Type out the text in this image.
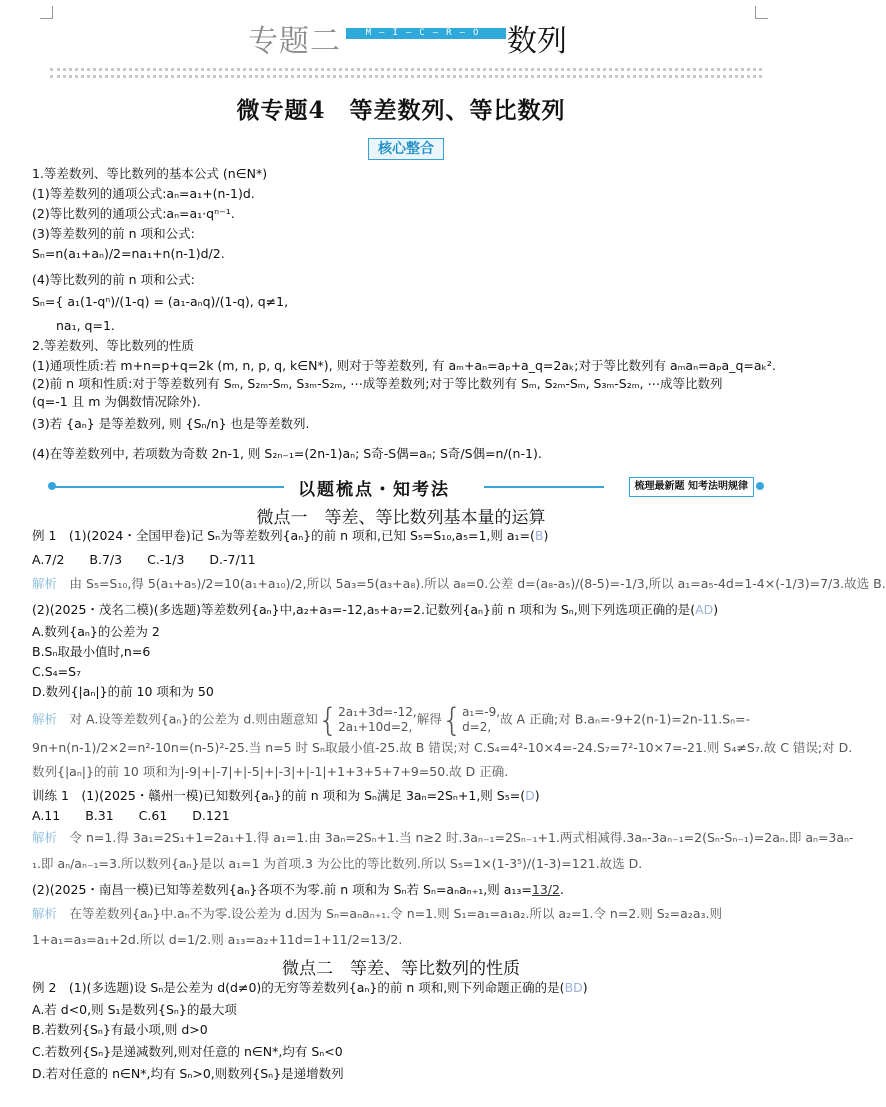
专题二	M—I—C—R—O 数列
微专题4　等差数列、等比数列
核心整合
1.等差数列、等比数列的基本公式 (n∈N*)
(1)等差数列的通项公式:aₙ=a₁+(n-1)d.
(2)等比数列的通项公式:aₙ=a₁·qⁿ⁻¹.
(3)等差数列的前 n 项和公式:
Sₙ=n(a₁+aₙ)/2=na₁+n(n-1)d/2.
(4)等比数列的前 n 项和公式:
Sₙ={ a₁(1-qⁿ)/(1-q) = (a₁-aₙq)/(1-q), q≠1,
na₁, q=1.
2.等差数列、等比数列的性质
(1)通项性质:若 m+n=p+q=2k (m, n, p, q, k∈N*), 则对于等差数列, 有 aₘ+aₙ=aₚ+a_q=2aₖ;对于等比数列有 aₘaₙ=aₚa_q=aₖ².
(2)前 n 项和性质:对于等差数列有 Sₘ, S₂ₘ-Sₘ, S₃ₘ-S₂ₘ, ⋯成等差数列;对于等比数列有 Sₘ, S₂ₘ-Sₘ, S₃ₘ-S₂ₘ, ⋯成等比数列
(q=-1 且 m 为偶数情况除外).
(3)若 {aₙ} 是等差数列, 则 {Sₙ/n} 也是等差数列.
(4)在等差数列中, 若项数为奇数 2n-1, 则 S₂ₙ₋₁=(2n-1)aₙ; S奇-S偶=aₙ; S奇/S偶=n/(n-1).
以题梳点・知考法	梳理最新题 知考法明规律
微点一　等差、等比数列基本量的运算
例 1　(1)(2024・全国甲卷)记 Sₙ为等差数列{aₙ}的前 n 项和,已知 S₅=S₁₀,a₅=1,则 a₁=(B)
A.7/2　　B.7/3　　C.-1/3　　D.-7/11
解析　 由 S₅=S₁₀,得 5(a₁+a₅)/2=10(a₁+a₁₀)/2,所以 5a₃=5(a₃+a₈).所以 a₈=0.公差 d=(a₈-a₅)/(8-5)=-1/3,所以 a₁=a₅-4d=1-4×(-1/3)=7/3.故选 B.
(2)(2025・茂名二模)(多选题)等差数列{aₙ}中,a₂+a₃=-12,a₅+a₇=2.记数列{aₙ}前 n 项和为 Sₙ,则下列选项正确的是(AD)
A.数列{aₙ}的公差为 2
B.Sₙ取最小值时,n=6
C.S₄=S₇
D.数列{|aₙ|}的前 10 项和为 50
解析　 对 A.设等差数列{aₙ}的公差为 d.则由题意知{2a₁+3d=-12,
2a₁+10d=2,解得{a₁=-9,
d=2,故 A 正确;对 B.aₙ=-9+2(n-1)=2n-11.Sₙ=-
9n+n(n-1)/2×2=n²-10n=(n-5)²-25.当 n=5 时 Sₙ取最小值-25.故 B 错误;对 C.S₄=4²-10×4=-24.S₇=7²-10×7=-21.则 S₄≠S₇.故 C 错误;对 D.
数列{|aₙ|}的前 10 项和为|-9|+|-7|+|-5|+|-3|+|-1|+1+3+5+7+9=50.故 D 正确.
训练 1　(1)(2025・赣州一模)已知数列{aₙ}的前 n 项和为 Sₙ满足 3aₙ=2Sₙ+1,则 S₅=(D)
A.11　　B.31　　C.61　　D.121
解析　 令 n=1.得 3a₁=2S₁+1=2a₁+1.得 a₁=1.由 3aₙ=2Sₙ+1.当 n≥2 时.3aₙ₋₁=2Sₙ₋₁+1.两式相减得.3aₙ-3aₙ₋₁=2(Sₙ-Sₙ₋₁)=2aₙ.即 aₙ=3aₙ-
₁.即 aₙ/aₙ₋₁=3.所以数列{aₙ}是以 a₁=1 为首项.3 为公比的等比数列.所以 S₅=1×(1-3⁵)/(1-3)=121.故选 D.
(2)(2025・南昌一模)已知等差数列{aₙ}各项不为零.前 n 项和为 Sₙ若 Sₙ=aₙaₙ₊₁,则 a₁₃=13/2.
解析　 在等差数列{aₙ}中.aₙ不为零.设公差为 d.因为 Sₙ=aₙaₙ₊₁.令 n=1.则 S₁=a₁=a₁a₂.所以 a₂=1.令 n=2.则 S₂=a₂a₃.则
1+a₁=a₃=a₁+2d.所以 d=1/2.则 a₁₃=a₂+11d=1+11/2=13/2.
微点二　等差、等比数列的性质
例 2　(1)(多选题)设 Sₙ是公差为 d(d≠0)的无穷等差数列{aₙ}的前 n 项和,则下列命题正确的是(BD)
A.若 d<0,则 S₁是数列{Sₙ}的最大项
B.若数列{Sₙ}有最小项,则 d>0
C.若数列{Sₙ}是递减数列,则对任意的 n∈N*,均有 Sₙ<0
D.若对任意的 n∈N*,均有 Sₙ>0,则数列{Sₙ}是递增数列
